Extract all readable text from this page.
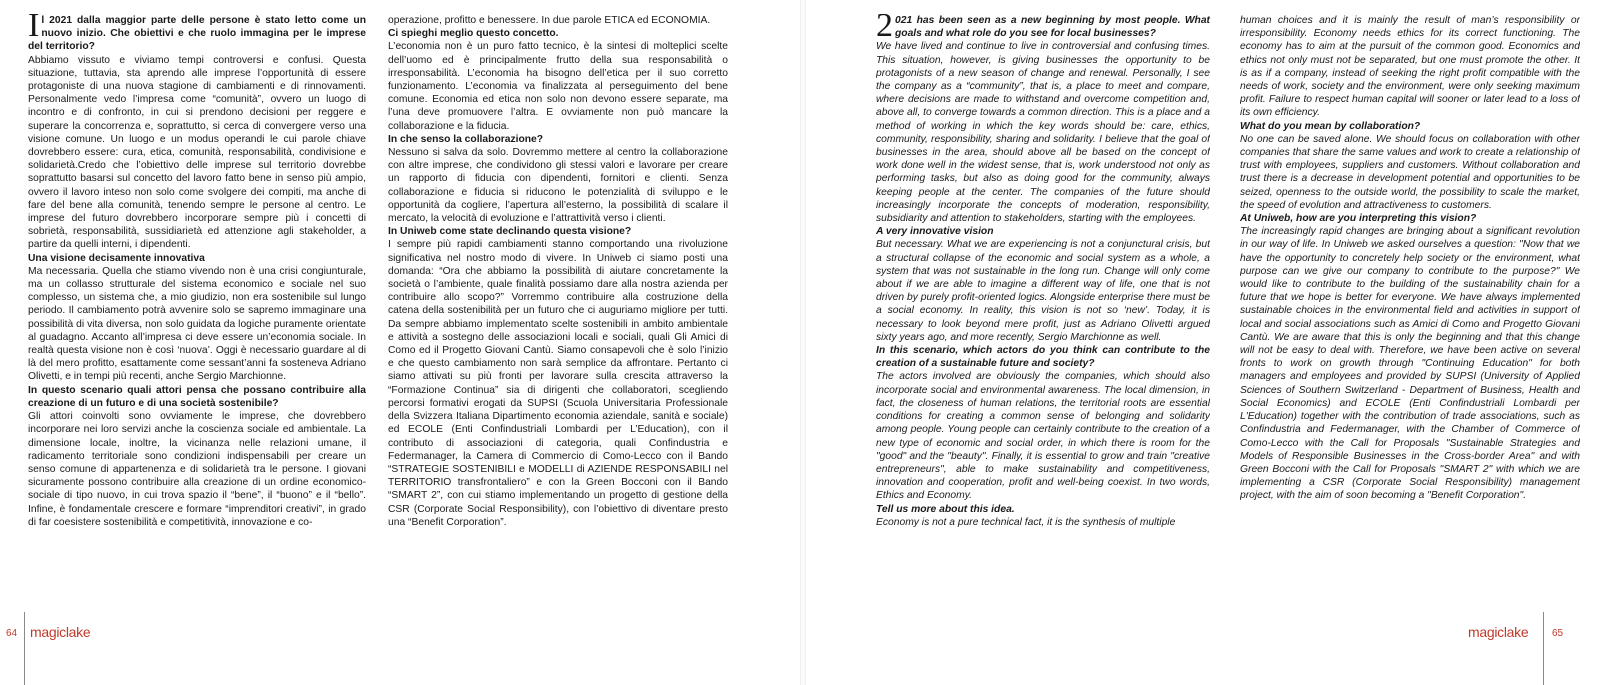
Il 2021 dalla maggior parte delle persone è stato letto come un nuovo inizio. Che obiettivi e che ruolo immagina per le imprese del territorio?

Abbiamo vissuto e viviamo tempi controversi e confusi. Questa situazione, tuttavia, sta aprendo alle imprese l’opportunità di essere protagoniste di una nuova stagione di cambiamenti e di rinnovamenti. Personalmente vedo l’impresa come “comunità”, ovvero un luogo di incontro e di confronto, in cui si prendono decisioni per reggere e superare la concorrenza e, soprattutto, si cerca di convergere verso una visione comune. Un luogo e un modus operandi le cui parole chiave dovrebbero essere: cura, etica, comunità, responsabilità, condivisione e solidarietà.Credo che l’obiettivo delle imprese sul territorio dovrebbe soprattutto basarsi sul concetto del lavoro fatto bene in senso più ampio, ovvero il lavoro inteso non solo come svolgere dei compiti, ma anche di fare del bene alla comunità, tenendo sempre le persone al centro. Le imprese del futuro dovrebbero incorporare sempre più i concetti di sobrietà, responsabilità, sussidiarietà ed attenzione agli stakeholder, a partire da quelli interni, i dipendenti.

Una visione decisamente innovativa

Ma necessaria. Quella che stiamo vivendo non è una crisi congiunturale, ma un collasso strutturale del sistema economico e sociale nel suo complesso, un sistema che, a mio giudizio, non era sostenibile sul lungo periodo. Il cambiamento potrà avvenire solo se sapremo immaginare una possibilità di vita diversa, non solo guidata da logiche puramente orientate al guadagno. Accanto all’impresa ci deve essere un’economia sociale. In realtà questa visione non è così ‘nuova’. Oggi è necessario guardare al di là del mero profitto, esattamente come sessant’anni fa sosteneva Adriano Olivetti, e in tempi più recenti, anche Sergio Marchionne.

In questo scenario quali attori pensa che possano contribuire alla creazione di un futuro e di una società sostenibile?

Gli attori coinvolti sono ovviamente le imprese, che dovrebbero incorporare nei loro servizi anche la coscienza sociale ed ambientale. La dimensione locale, inoltre, la vicinanza nelle relazioni umane, il radicamento territoriale sono condizioni indispensabili per creare un senso comune di appartenenza e di solidarietà tra le persone. I giovani sicuramente possono contribuire alla creazione di un ordine economico-sociale di tipo nuovo, in cui trova spazio il “bene”, il “buono” e il “bello”. Infine, è fondamentale crescere e formare “imprenditori creativi”, in grado di far coesistere sostenibilità e competitività, innovazione e co-

operazione, profitto e benessere. In due parole ETICA ed ECONOMIA.

Ci spieghi meglio questo concetto.

L’economia non è un puro fatto tecnico, è la sintesi di molteplici scelte dell’uomo ed è principalmente frutto della sua responsabilità o irresponsabilità. L’economia ha bisogno dell’etica per il suo corretto funzionamento. L’economia va finalizzata al perseguimento del bene comune. Economia ed etica non solo non devono essere separate, ma l’una deve promuovere l’altra. E ovviamente non può mancare la collaborazione e la fiducia.

In che senso la collaborazione?

Nessuno si salva da solo. Dovremmo mettere al centro la collaborazione con altre imprese, che condividono gli stessi valori e lavorare per creare un rapporto di fiducia con dipendenti, fornitori e clienti. Senza collaborazione e fiducia si riducono le potenzialità di sviluppo e le opportunità da cogliere, l’apertura all’esterno, la possibilità di scalare il mercato, la velocità di evoluzione e l’attrattività verso i clienti.

In Uniweb come state declinando questa visione?

I sempre più rapidi cambiamenti stanno comportando una rivoluzione significativa nel nostro modo di vivere. In Uniweb ci siamo posti una domanda: “Ora che abbiamo la possibilità di aiutare concretamente la società o l’ambiente, quale finalità possiamo dare alla nostra azienda per contribuire allo scopo?” Vorremmo contribuire alla costruzione della catena della sostenibilità per un futuro che ci auguriamo migliore per tutti. Da sempre abbiamo implementato scelte sostenibili in ambito ambientale e attività a sostegno delle associazioni locali e sociali, quali Gli Amici di Como ed il Progetto Giovani Cantù. Siamo consapevoli che è solo l’inizio e che questo cambiamento non sarà semplice da affrontare. Pertanto ci siamo attivati su più fronti per lavorare sulla crescita attraverso la “Formazione Continua” sia di dirigenti che collaboratori, scegliendo percorsi formativi erogati da SUPSI (Scuola Universitaria Professionale della Svizzera Italiana Dipartimento economia aziendale, sanità e sociale) ed ECOLE (Enti Confindustriali Lombardi per L’Education), con il contributo di associazioni di categoria, quali Confindustria e Federmanager, la Camera di Commercio di Como-Lecco con il Bando “STRATEGIE SOSTENIBILI e MODELLI di AZIENDE RESPONSABILI nel TERRITORIO transfrontaliero” e con la Green Bocconi con il Bando “SMART 2”, con cui stiamo implementando un progetto di gestione della CSR (Corporate Social Responsibility), con l’obiettivo di diventare presto una “Benefit Corporation”.

64 magiclake

2 021 has been seen as a new beginning by most people. What goals and what role do you see for local businesses?

We have lived and continue to live in controversial and confusing times. This situation, however, is giving businesses the opportunity to be protagonists of a new season of change and renewal. Personally, I see the company as a “community”, that is, a place to meet and compare, where decisions are made to withstand and overcome competition and, above all, to converge towards a common direction. This is a place and a method of working in which the key words should be: care, ethics, community, responsibility, sharing and solidarity. I believe that the goal of businesses in the area, should above all be based on the concept of work done well in the widest sense, that is, work understood not only as performing tasks, but also as doing good for the community, always keeping people at the center. The companies of the future should increasingly incorporate the concepts of moderation, responsibility, subsidiarity and attention to stakeholders, starting with the employees.

A very innovative vision

But necessary. What we are experiencing is not a conjunctural crisis, but a structural collapse of the economic and social system as a whole, a system that was not sustainable in the long run. Change will only come about if we are able to imagine a different way of life, one that is not driven by purely profit-oriented logics. Alongside enterprise there must be a social economy. In reality, this vision is not so ‘new’. Today, it is necessary to look beyond mere profit, just as Adriano Olivetti argued sixty years ago, and more recently, Sergio Marchionne as well.

In this scenario, which actors do you think can contribute to the creation of a sustainable future and society?

The actors involved are obviously the companies, which should also incorporate social and environmental awareness. The local dimension, in fact, the closeness of human relations, the territorial roots are essential conditions for creating a common sense of belonging and solidarity among people. Young people can certainly contribute to the creation of a new type of economic and social order, in which there is room for the "good" and the "beauty". Finally, it is essential to grow and train "creative entrepreneurs", able to make sustainability and competitiveness, innovation and cooperation, profit and well-being coexist. In two words, Ethics and Economy.

Tell us more about this idea.

Economy is not a pure technical fact, it is the synthesis of multiple

human choices and it is mainly the result of man’s responsibility or irresponsibility. Economy needs ethics for its correct functioning. The economy has to aim at the pursuit of the common good. Economics and ethics not only must not be separated, but one must promote the other. It is as if a company, instead of seeking the right profit compatible with the needs of work, society and the environment, were only seeking maximum profit. Failure to respect human capital will sooner or later lead to a loss of its own efficiency.

What do you mean by collaboration?

No one can be saved alone. We should focus on collaboration with other companies that share the same values and work to create a relationship of trust with employees, suppliers and customers. Without collaboration and trust there is a decrease in development potential and opportunities to be seized, openness to the outside world, the possibility to scale the market, the speed of evolution and attractiveness to customers.

At Uniweb, how are you interpreting this vision?

The increasingly rapid changes are bringing about a significant revolution in our way of life. In Uniweb we asked ourselves a question: "Now that we have the opportunity to concretely help society or the environment, what purpose can we give our company to contribute to the purpose?" We would like to contribute to the building of the sustainability chain for a future that we hope is better for everyone. We have always implemented sustainable choices in the environmental field and activities in support of local and social associations such as Amici di Como and Progetto Giovani Cantù. We are aware that this is only the beginning and that this change will not be easy to deal with. Therefore, we have been active on several fronts to work on growth through "Continuing Education" for both managers and employees and provided by SUPSI (University of Applied Sciences of Southern Switzerland - Department of Business, Health and Social Economics) and ECOLE (Enti Confindustriali Lombardi per L'Education) together with the contribution of trade associations, such as Confindustria and Federmanager, with the Chamber of Commerce of Como-Lecco with the Call for Proposals "Sustainable Strategies and Models of Responsible Businesses in the Cross-border Area" and with Green Bocconi with the Call for Proposals "SMART 2" with which we are implementing a CSR (Corporate Social Responsibility) management project, with the aim of soon becoming a "Benefit Corporation".

magiclake 65
